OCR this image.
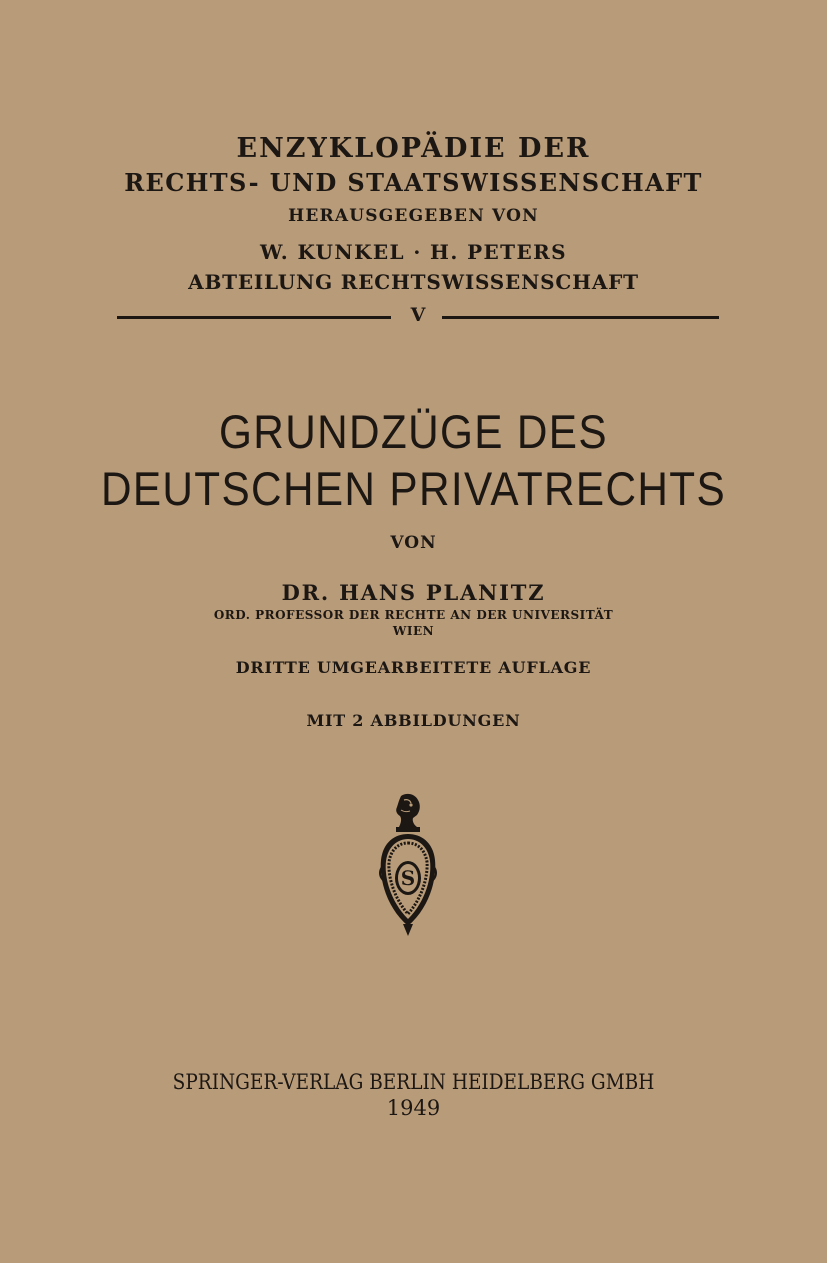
ENZYKLOPÄDIE DER
RECHTS- UND STAATSWISSENSCHAFT
HERAUSGEGEBEN VON
W. KUNKEL · H. PETERS
ABTEILUNG RECHTSWISSENSCHAFT
V
GRUNDZÜGE DES
DEUTSCHEN PRIVATRECHTS
VON
DR. HANS PLANITZ
ORD. PROFESSOR DER RECHTE AN DER UNIVERSITÄT
WIEN
DRITTE UMGEARBEITETE AUFLAGE
MIT 2 ABBILDUNGEN
S
SPRINGER-VERLAG BERLIN HEIDELBERG GMBH
1949
